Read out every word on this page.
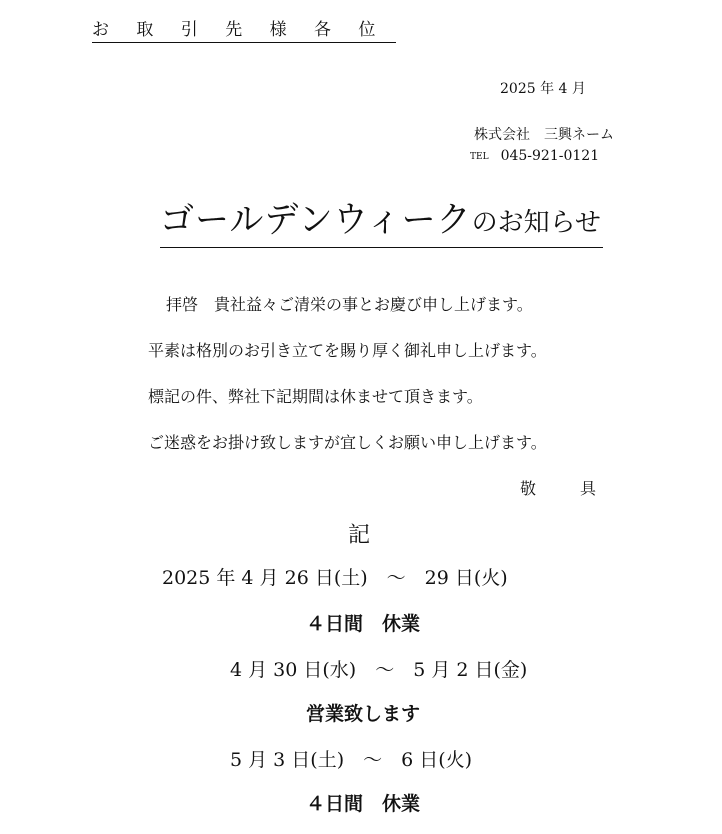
お 取 引 先 様 各 位
2025 年 4 月
株式会社　三興ネーム
TEL 045-921-0121
ゴールデンウィークのお知らせ
拝啓　貴社益々ご清栄の事とお慶び申し上げます。
平素は格別のお引き立てを賜り厚く御礼申し上げます。
標記の件、弊社下記期間は休ませて頂きます。
ご迷惑をお掛け致しますが宜しくお願い申し上げます。
敬　具
記
2025 年 4 月 26 日(土)　～　29 日(火)
４日間　休業
4 月 30 日(水)　～　5 月 2 日(金)
営業致します
5 月 3 日(土)　～　6 日(火)
４日間　休業
